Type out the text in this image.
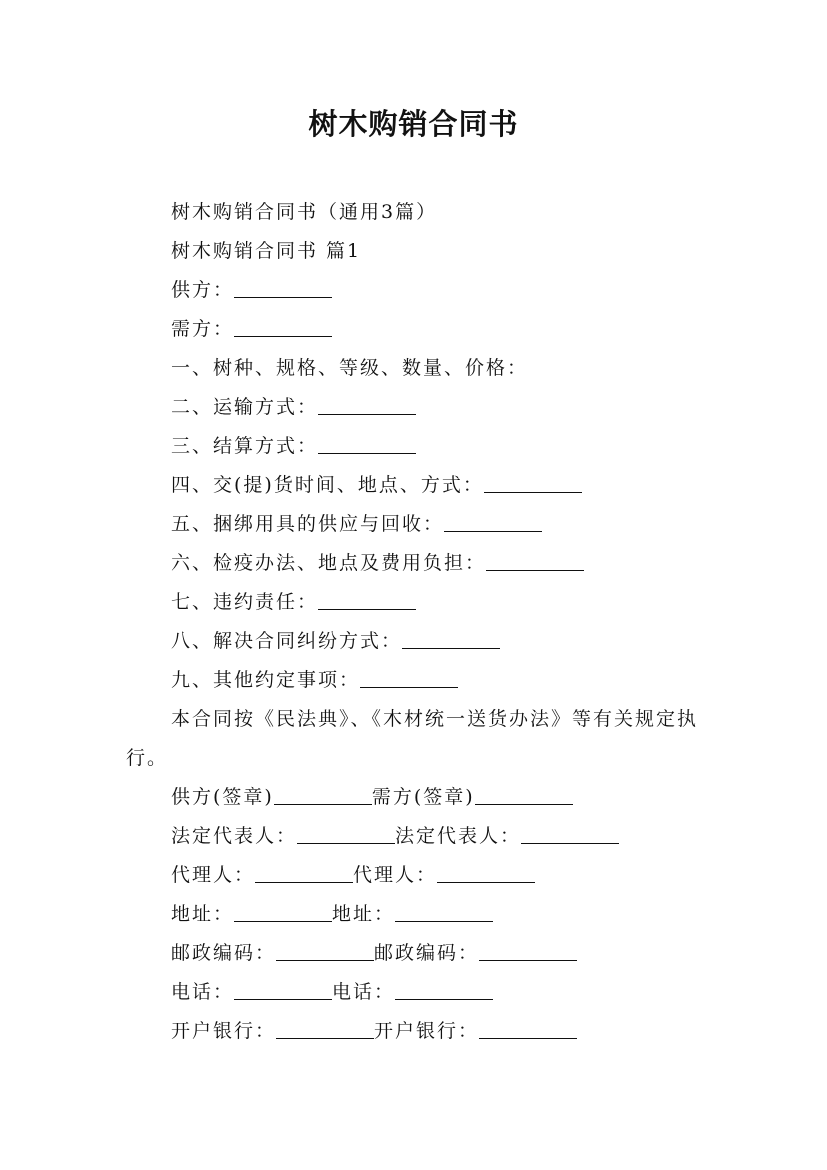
树木购销合同书
树木购销合同书（通用3篇）
树木购销合同书 篇1
供方：
需方：
一、树种、规格、等级、数量、价格：
二、运输方式：
三、结算方式：
四、交(提)货时间、地点、方式：
五、捆绑用具的供应与回收：
六、检疫办法、地点及费用负担：
七、违约责任：
八、解决合同纠纷方式：
九、其他约定事项：
本合同按《民法典》、《木材统一送货办法》等有关规定执行。
供方(签章)	需方(签章)
法定代表人：	法定代表人：
代理人：	代理人：
地址：	地址：
邮政编码：	邮政编码：
电话：	电话：
开户银行：	开户银行：
